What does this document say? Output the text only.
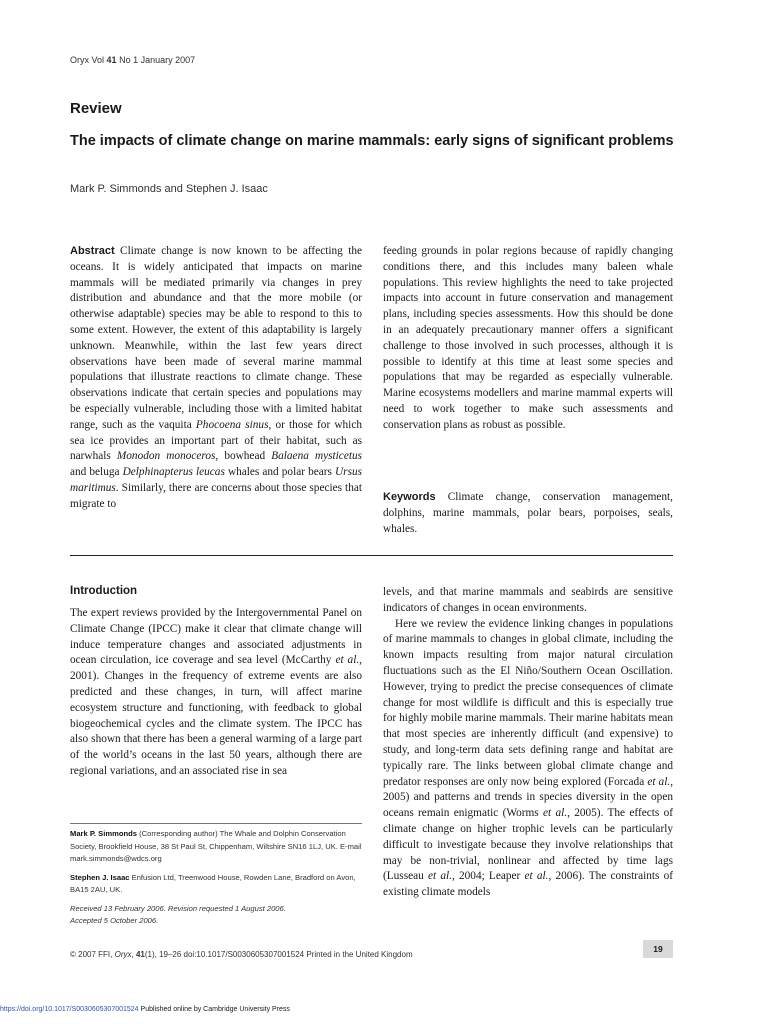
Oryx Vol 41 No 1 January 2007
Review
The impacts of climate change on marine mammals: early signs of significant problems
Mark P. Simmonds and Stephen J. Isaac

Abstract Climate change is now known to be affecting the oceans. It is widely anticipated that impacts on marine mammals will be mediated primarily via changes in prey distribution and abundance and that the more mobile (or otherwise adaptable) species may be able to respond to this to some extent. However, the extent of this adaptability is largely unknown. Meanwhile, within the last few years direct observations have been made of several marine mammal populations that illustrate reactions to climate change. These observations indicate that certain species and populations may be especially vulnerable, including those with a limited habitat range, such as the vaquita Phocoena sinus, or those for which sea ice provides an important part of their habitat, such as narwhals Monodon monoceros, bowhead Balaena mysticetus and beluga Delphinapterus leucas whales and polar bears Ursus maritimus. Similarly, there are concerns about those species that migrate to

feeding grounds in polar regions because of rapidly changing conditions there, and this includes many baleen whale populations. This review highlights the need to take projected impacts into account in future conservation and management plans, including species assessments. How this should be done in an adequately precautionary manner offers a significant challenge to those involved in such processes, although it is possible to identify at this time at least some species and populations that may be regarded as especially vulnerable. Marine ecosystems modellers and marine mammal experts will need to work together to make such assessments and conservation plans as robust as possible.

Keywords Climate change, conservation management, dolphins, marine mammals, polar bears, porpoises, seals, whales.

Introduction

The expert reviews provided by the Intergovernmental Panel on Climate Change (IPCC) make it clear that climate change will induce temperature changes and associated adjustments in ocean circulation, ice coverage and sea level (McCarthy et al., 2001). Changes in the frequency of extreme events are also predicted and these changes, in turn, will affect marine ecosystem structure and functioning, with feedback to global biogeochemical cycles and the climate system. The IPCC has also shown that there has been a general warming of a large part of the world’s oceans in the last 50 years, although there are regional variations, and an associated rise in sea

levels, and that marine mammals and seabirds are sensitive indicators of changes in ocean environments.

Here we review the evidence linking changes in populations of marine mammals to changes in global climate, including the known impacts resulting from major natural circulation fluctuations such as the El Niño/Southern Ocean Oscillation. However, trying to predict the precise consequences of climate change for most wildlife is difficult and this is especially true for highly mobile marine mammals. Their marine habitats mean that most species are inherently difficult (and expensive) to study, and long-term data sets defining range and habitat are typically rare. The links between global climate change and predator responses are only now being explored (Forcada et al., 2005) and patterns and trends in species diversity in the open oceans remain enigmatic (Worms et al., 2005). The effects of climate change on higher trophic levels can be particularly difficult to investigate because they involve relationships that may be non-trivial, nonlinear and affected by time lags (Lusseau et al., 2004; Leaper et al., 2006). The constraints of existing climate models

Mark P. Simmonds (Corresponding author) The Whale and Dolphin Conservation Society, Brookfield House, 38 St Paul St, Chippenham, Wiltshire SN16 1LJ, UK. E-mail mark.simmonds@wdcs.org

Stephen J. Isaac Enfusion Ltd, Treenwood House, Rowden Lane, Bradford on Avon, BA15 2AU, UK.

Received 13 February 2006. Revision requested 1 August 2006.

Accepted 5 October 2006.

© 2007 FFI, Oryx, 41(1), 19–26 doi:10.1017/S0030605307001524 Printed in the United Kingdom
19
https://doi.org/10.1017/S0030605307001524 Published online by Cambridge University Press
